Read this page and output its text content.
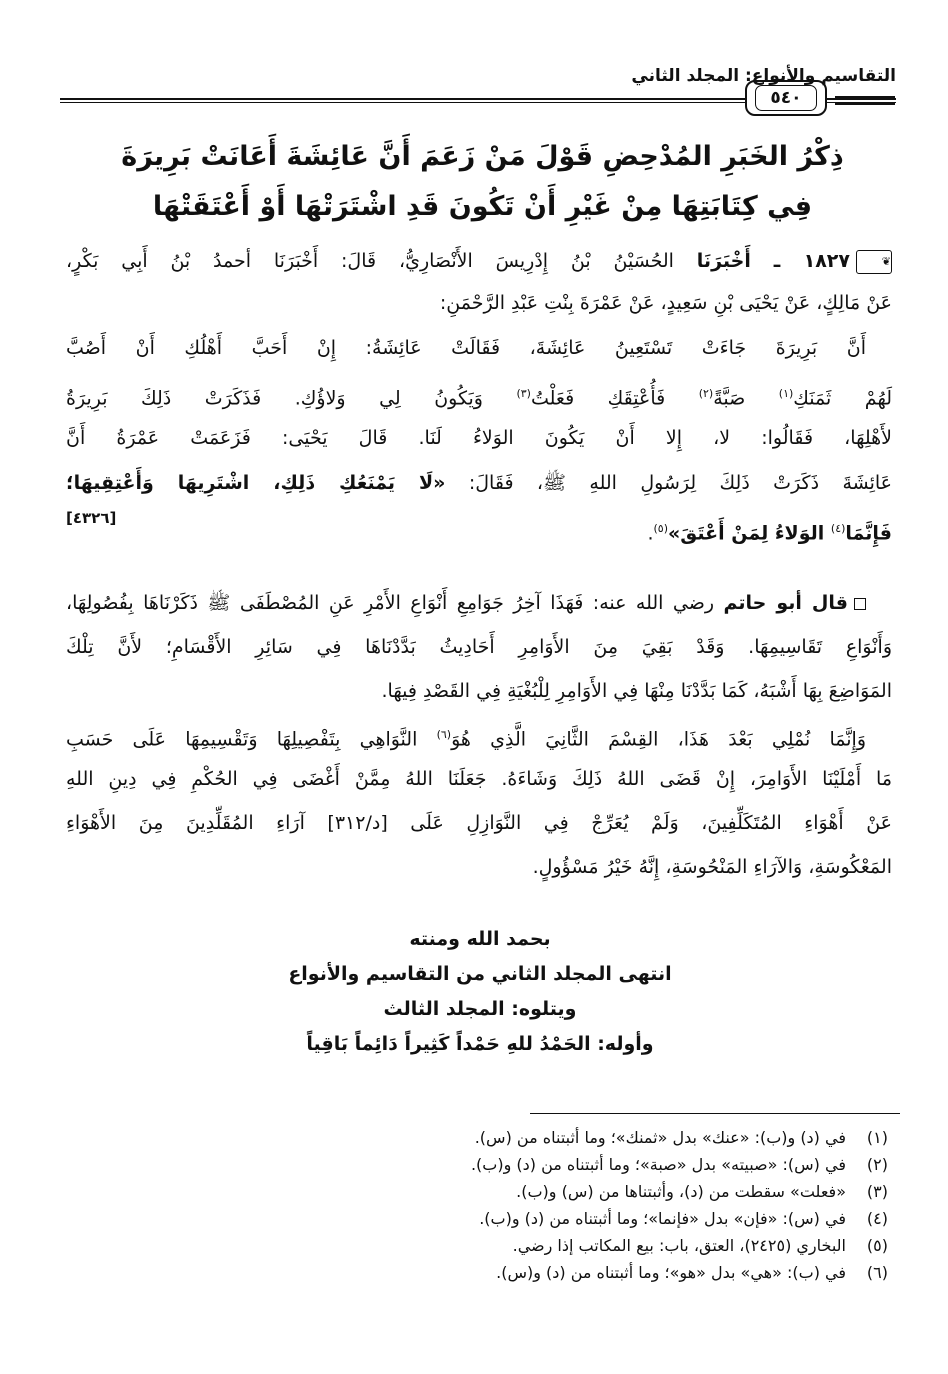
٥٤٠
التقاسيم والأنواع: المجلد الثاني
ذِكْرُ الخَبَرِ المُدْحِضِ قَوْلَ مَنْ زَعَمَ أَنَّ عَائِشَةَ أَعَانَتْ بَرِيرَةَ
فِي كِتَابَتِهَا مِنْ غَيْرِ أَنْ تَكُونَ قَدِ اشْتَرَتْهَا أَوْ أَعْتَقَتْهَا
❦١٨٢٧ ـ أَخْبَرَنَا الحُسَيْنُ بْنُ إِدْرِيسَ الأَنْصَارِيُّ، قَالَ: أَخْبَرَنَا أحمدُ بْنُ أَبِي بَكْرٍ،
عَنْ مَالِكٍ، عَنْ يَحْيَى بْنِ سَعِيدٍ، عَنْ عَمْرَةَ بِنْتِ عَبْدِ الرَّحْمَنِ:
أَنَّ بَرِيرَةَ جَاءَتْ تَسْتَعِينُ عَائِشَةَ، فَقَالَتْ عَائِشَةُ: إِنْ أَحَبَّ أَهْلُكِ أَنْ أَصُبَّ
لَهُمْ ثَمَنَكِ$^{(١)}$ صَبَّةً$^{(٢)}$ فَأُعْتِقَكِ فَعَلْتُ$^{(٣)}$ وَيَكُونُ لِي وَلاؤُكِ. فَذَكَرَتْ ذَلِكَ بَرِيرَةُ
لأَهْلِهَا، فَقَالُوا: لا، إِلا أَنْ يَكُونَ الوَلاءُ لَنَا. قَالَ يَحْيَى: فَزَعَمَتْ عَمْرَةُ أَنَّ
عَائِشَةَ ذَكَرَتْ ذَلِكَ لِرَسُولِ اللهِ ﷺ، فَقَالَ: «لَا يَمْنَعُكِ ذَلِكِ، اشْتَرِيهَا وَأَعْتِقِيهَا؛
فَإِنَّمَا$^{(٤)}$ الوَلاءُ لِمَنْ أَعْتَقَ»$^{(٥)}$.
[٤٣٢٦]
قال أبو حاتم رضي الله عنه: فَهَذَا آخِرُ جَوَامِعِ أَنْوَاعِ الأَمْرِ عَنِ المُصْطَفَى ﷺ ذَكَرْنَاهَا بِفُصُولِهَا،
وَأَنْوَاعِ تَقَاسِيمِهَا. وَقَدْ بَقِيَ مِنَ الأَوَامِرِ أَحَادِيثُ بَدَّدْنَاهَا فِي سَائِرِ الأَقْسَامِ؛ لأَنَّ تِلْكَ
المَوَاضِعَ بِهَا أَشْبَهُ، كَمَا بَدَّدْنَا مِنْهَا فِي الأَوَامِرِ لِلْبُغْيَةِ فِي القَصْدِ فِيهَا.
وَإِنَّمَا نُمْلِي بَعْدَ هَذَا، القِسْمَ الثَّانِيَ الَّذِي هُوَ$^{(٦)}$ النَّوَاهِي بِتَفْصِيلِهَا وَتَقْسِيمِهَا عَلَى حَسَبِ
مَا أَمْلَيْنَا الأَوَامِرَ، إِنْ قَضَى اللهُ ذَلِكَ وَشَاءَهُ. جَعَلَنَا اللهُ مِمَّنْ أَغْضَى فِي الحُكْمِ فِي دِينِ اللهِ
عَنْ أَهْوَاءِ المُتَكَلِّفِينَ، وَلَمْ يُعَرِّجْ فِي النَّوَازِلِ عَلَى [د/٣١٢] آرَاءِ المُقَلِّدِينَ مِنَ الأَهْوَاءِ
المَعْكُوسَةِ، وَالآرَاءِ المَنْحُوسَةِ، إِنَّهُ خَيْرُ مَسْؤُولٍ.
بحمد الله ومنته
انتهى المجلد الثاني من التقاسيم والأنواع
ويتلوه: المجلد الثالث
وأوله: الحَمْدُ للهِ حَمْداً كَثِيراً دَائِماً بَاقِياً
(١)في (د) و(ب): «عنك» بدل «ثمنك»؛ وما أثبتناه من (س).
(٢)في (س): «صبيته» بدل «صبة»؛ وما أثبتناه من (د) و(ب).
(٣)«فعلت» سقطت من (د)، وأثبتناها من (س) و(ب).
(٤)في (س): «فإن» بدل «فإنما»؛ وما أثبتناه من (د) و(ب).
(٥)البخاري (٢٤٢٥)، العتق، باب: بيع المكاتب إذا رضي.
(٦)في (ب): «هي» بدل «هو»؛ وما أثبتناه من (د) و(س).
